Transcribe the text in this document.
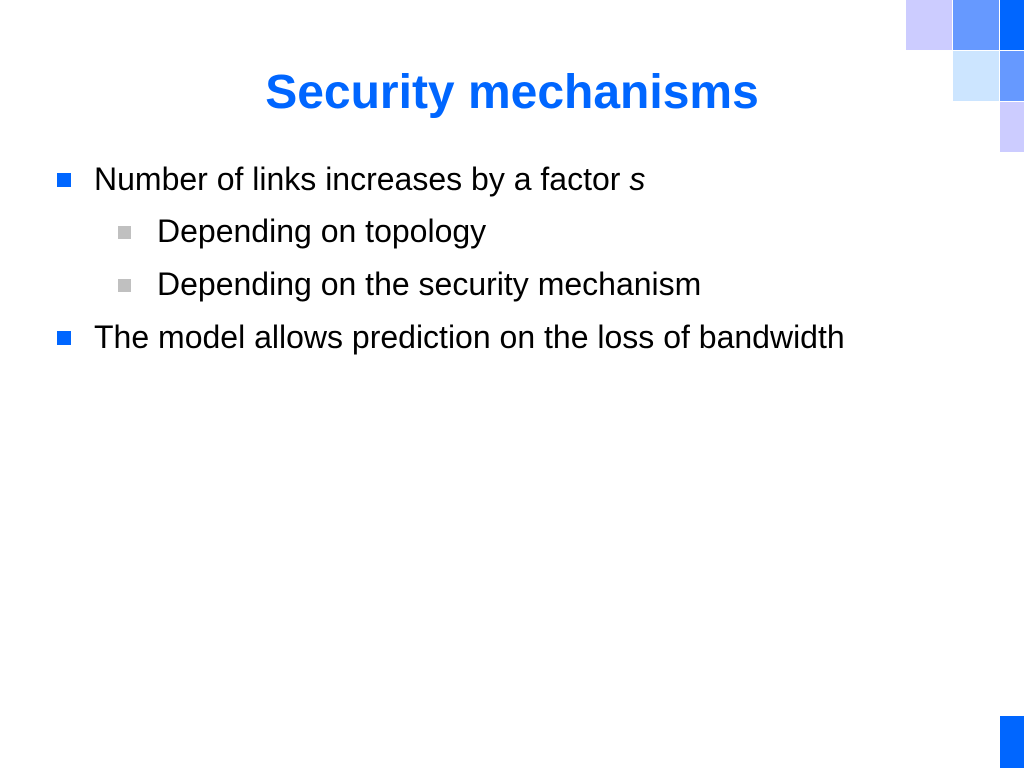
Security mechanisms
Number of links increases by a factor s
Depending on topology
Depending on the security mechanism
The model allows prediction on the loss of bandwidth
